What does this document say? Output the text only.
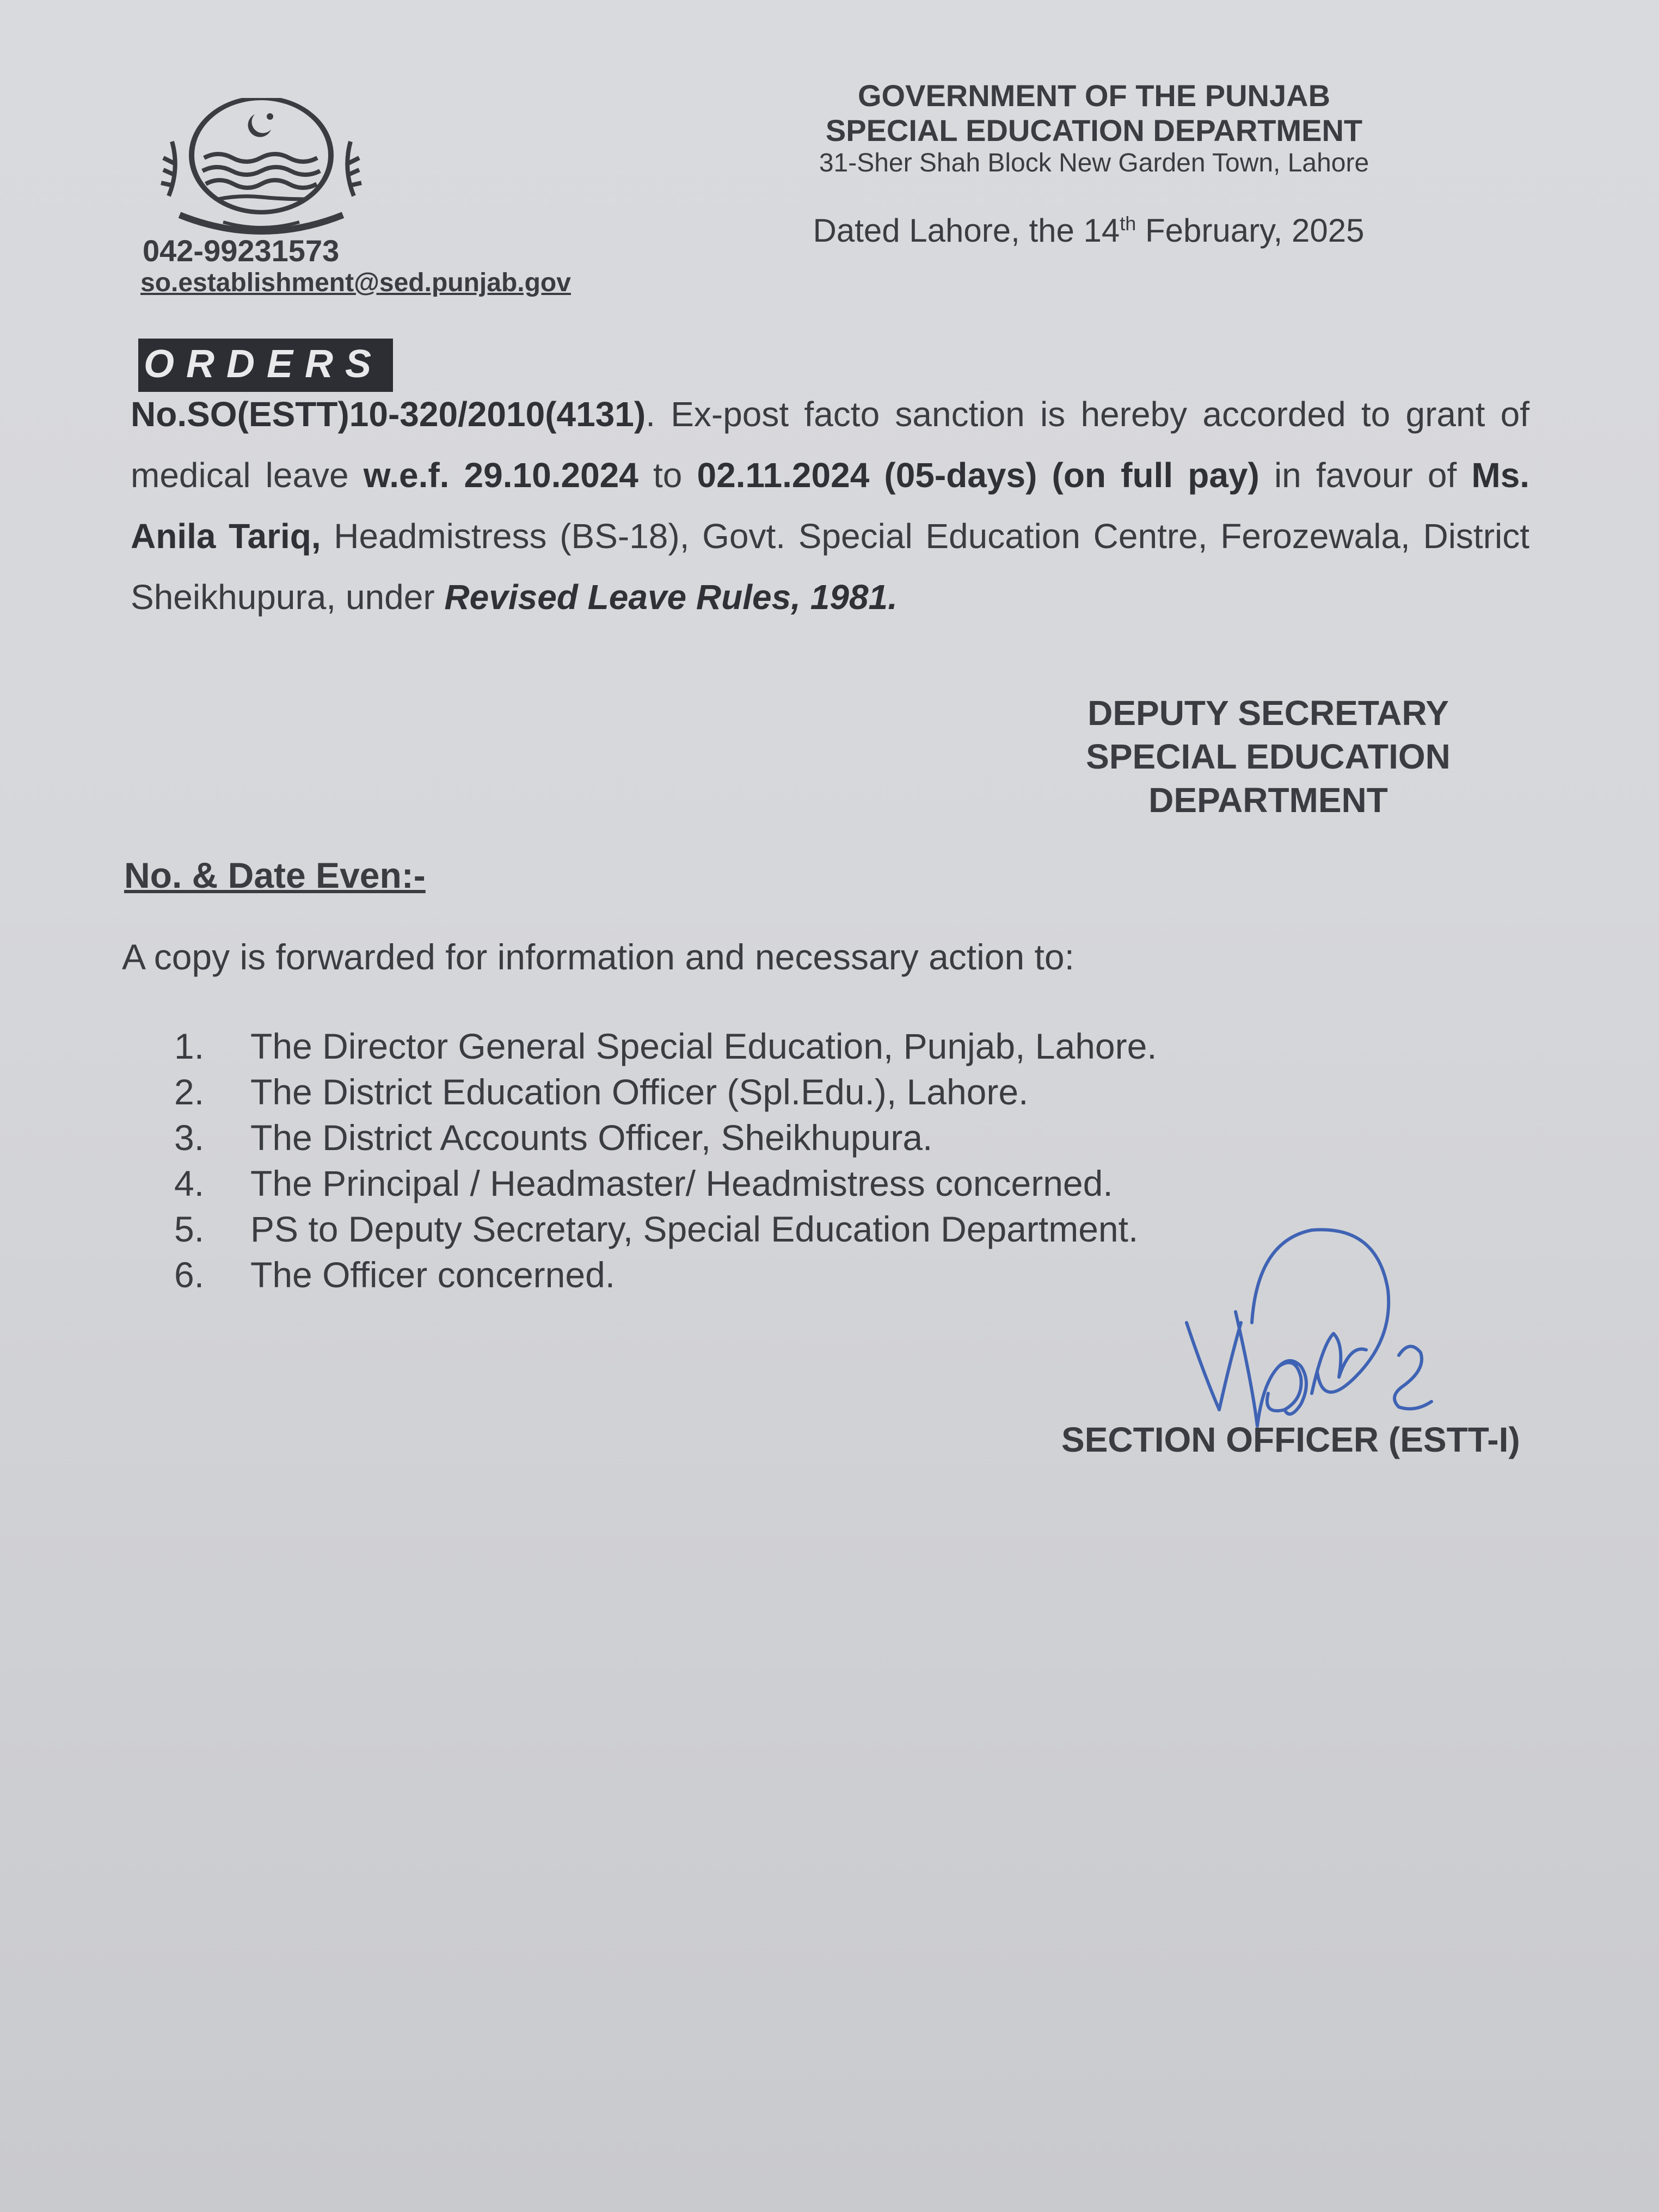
GOVERNMENT OF THE PUNJAB
SPECIAL EDUCATION DEPARTMENT
31-Sher Shah Block New Garden Town, Lahore
Dated Lahore, the 14th February, 2025
042-99231573
so.establishment@sed.punjab.gov
ORDERS
No.SO(ESTT)10-320/2010(4131). Ex-post facto sanction is hereby accorded to grant of medical leave w.e.f. 29.10.2024 to 02.11.2024 (05-days) (on full pay) in favour of Ms. Anila Tariq, Headmistress (BS-18), Govt. Special Education Centre, Ferozewala, District Sheikhupura, under Revised Leave Rules, 1981.
DEPUTY SECRETARY
SPECIAL EDUCATION
DEPARTMENT
No. & Date Even:-
A copy is forwarded for information and necessary action to:
1.	The Director General Special Education, Punjab, Lahore.
2.	The District Education Officer (Spl.Edu.), Lahore.
3.	The District Accounts Officer, Sheikhupura.
4.	The Principal / Headmaster/ Headmistress concerned.
5.	PS to Deputy Secretary, Special Education Department.
6.	The Officer concerned.
SECTION OFFICER (ESTT-I)
